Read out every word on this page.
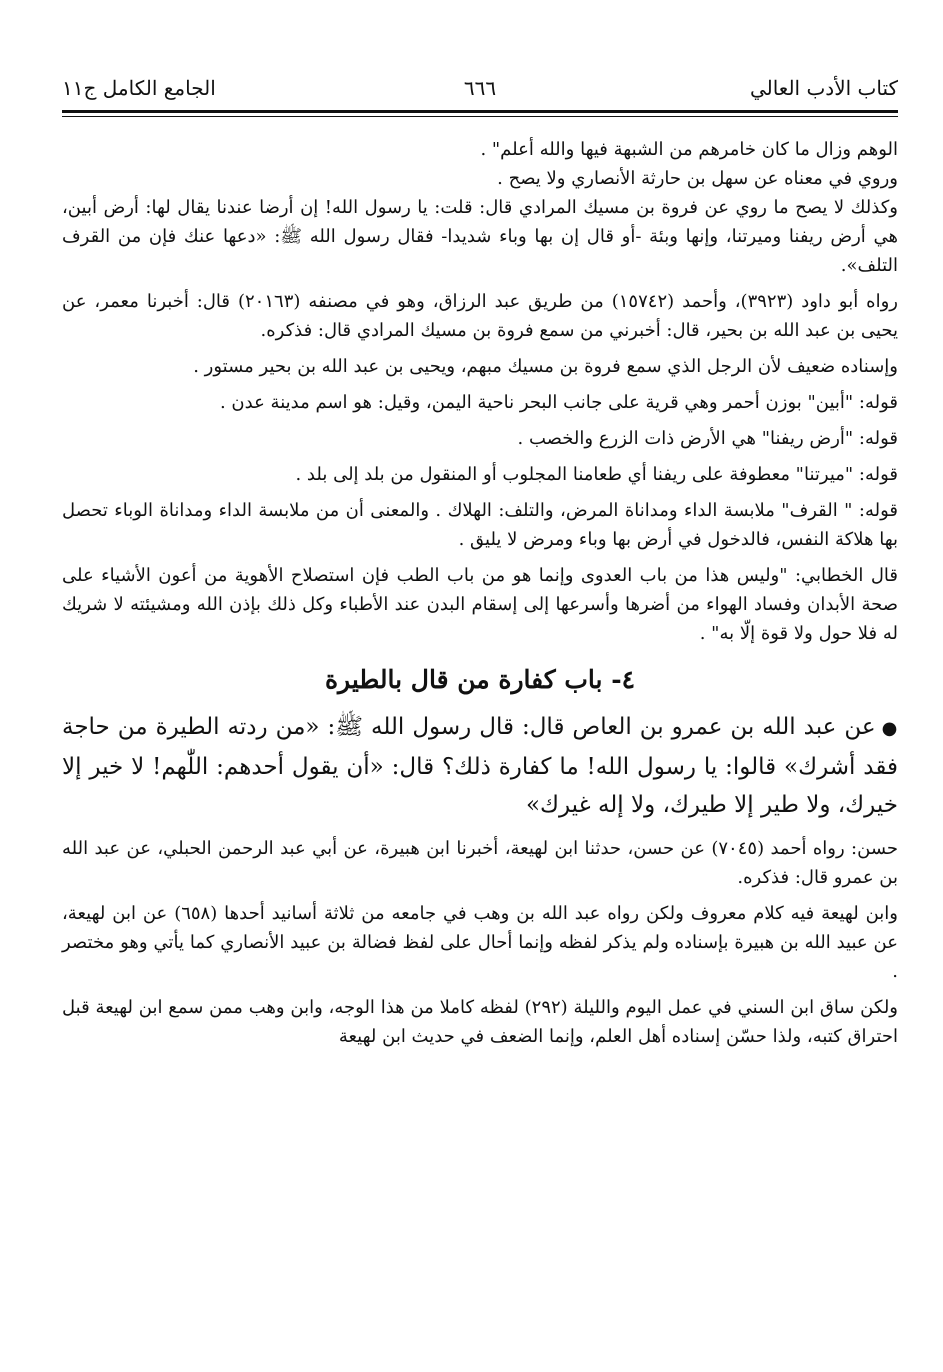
كتاب الأدب العالي
٦٦٦
الجامع الكامل ج١١

الوهم وزال ما كان خامرهم من الشبهة فيها والله أعلم" .

وروي في معناه عن سهل بن حارثة الأنصاري ولا يصح .

وكذلك لا يصح ما روي عن فروة بن مسيك المرادي قال: قلت: يا رسول الله! إن أرضا عندنا يقال لها: أرض أبين، هي أرض ريفنا وميرتنا، وإنها وبئة -أو قال إن بها وباء شديدا- فقال رسول الله ﷺ: «دعها عنك فإن من القرف التلف».

رواه أبو داود (٣٩٢٣)، وأحمد (١٥٧٤٢) من طريق عبد الرزاق، وهو في مصنفه (٢٠١٦٣) قال: أخبرنا معمر، عن يحيى بن عبد الله بن بحير، قال: أخبرني من سمع فروة بن مسيك المرادي قال: فذكره.

وإسناده ضعيف لأن الرجل الذي سمع فروة بن مسيك مبهم، ويحيى بن عبد الله بن بحير مستور .

قوله: "أبين" بوزن أحمر وهي قرية على جانب البحر ناحية اليمن، وقيل: هو اسم مدينة عدن .

قوله: "أرض ريفنا" هي الأرض ذات الزرع والخصب .

قوله: "ميرتنا" معطوفة على ريفنا أي طعامنا المجلوب أو المنقول من بلد إلى بلد .

قوله: " القرف" ملابسة الداء ومداناة المرض، والتلف: الهلاك . والمعنى أن من ملابسة الداء ومداناة الوباء تحصل بها هلاكة النفس، فالدخول في أرض بها وباء ومرض لا يليق .

قال الخطابي: "وليس هذا من باب العدوى وإنما هو من باب الطب فإن استصلاح الأهوية من أعون الأشياء على صحة الأبدان وفساد الهواء من أضرها وأسرعها إلى إسقام البدن عند الأطباء وكل ذلك بإذن الله ومشيئته لا شريك له فلا حول ولا قوة إلّا به" .

٤- باب كفارة من قال بالطيرة

●عن عبد الله بن عمرو بن العاص قال: قال رسول الله ﷺ: «من ردته الطيرة من حاجة فقد أشرك» قالوا: يا رسول الله! ما كفارة ذلك؟ قال: «أن يقول أحدهم: اللّٰهم! لا خير إلا خيرك، ولا طير إلا طيرك، ولا إله غيرك»

حسن: رواه أحمد (٧٠٤٥) عن حسن، حدثنا ابن لهيعة، أخبرنا ابن هبيرة، عن أبي عبد الرحمن الحبلي، عن عبد الله بن عمرو قال: فذكره.

وابن لهيعة فيه كلام معروف ولكن رواه عبد الله بن وهب في جامعه من ثلاثة أسانيد أحدها (٦٥٨) عن ابن لهيعة، عن عبيد الله بن هبيرة بإسناده ولم يذكر لفظه وإنما أحال على لفظ فضالة بن عبيد الأنصاري كما يأتي وهو مختصر .

ولكن ساق ابن السني في عمل اليوم والليلة (٢٩٢) لفظه كاملا من هذا الوجه، وابن وهب ممن سمع ابن لهيعة قبل احتراق كتبه، ولذا حسّن إسناده أهل العلم، وإنما الضعف في حديث ابن لهيعة
